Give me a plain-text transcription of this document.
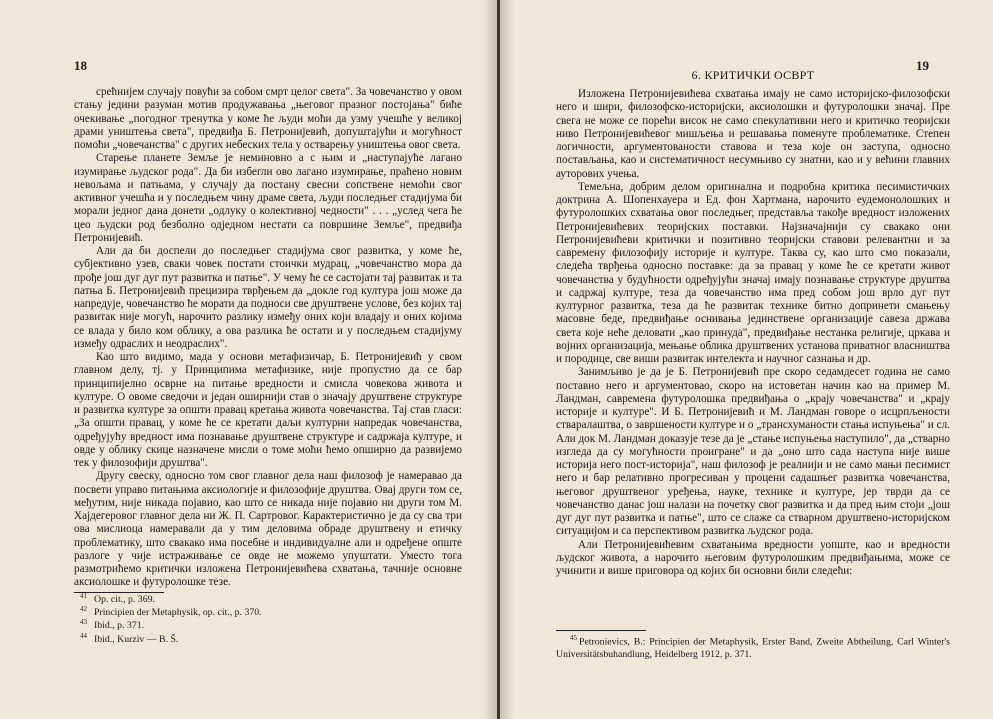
18

срећнијем случају повући за собом смрт целог света". За човечанство у овом стању једини разуман мотив продужавања „његовог празног постојања" биће очекивање „погодног тренутка у коме ће људи моћи да узму учешће у великој драми уништења света", предвиђа Б. Петронијевић, допуштајући и могућност помоћи „човечанства" с других небеских тела у остварењу уништења овог света.

Старење планете Земље је неминовно а с њим и „наступајуће лагано изумирање људског рода". Да би избегли ово лагано изумирање, праћено новим невољама и патњама, у случају да постану свесни сопствене немоћи свог активног учешћа и у последњем чину драме света, људи последњег стадијума би морали једног дана донети „одлуку о колективној чедности" . . . „услед чега ће цео људски род безболно одједном нестати са површине Земље", предвиђа Петронијевић.

Али да би доспели до последњег стадијума свог развитка, у коме ће, субјективно узев, сваки човек постати стоички мудрац, „човечанство мора да прође још дуг дуг пут развитка и патње". У чему ће се састојати тај развитак и та патња Б. Петронијевић прецизира тврђењем да „докле год култура још може да напредује, човечанство ће морати да подноси све друштвене услове, без којих тај развитак није могућ, нарочито разлику између оних који владају и оних којима се влада у било ком облику, а ова разлика ће остати и у последњем стадијуму између одраслих и неодраслих".

Као што видимо, мада у основи метафизичар, Б. Петронијевић у свом главном делу, тј. у Принципима метафизике, није пропустио да се бар принципијелно осврне на питање вредности и смисла човекова живота и културе. О овоме сведочи и један оширнији став о значају друштвене структуре и развитка културе за општи правац кретања живота човечанства. Тај став гласи: „За општи правац, у коме ће се кретати даљи културни напредак човечанства, одређујућу вредност има познавање друштвене структурe и садржаја културе, и овде у облику скице назначене мисли о томе моћи ћемо опширно да развијемо тек у филозофији друштва".

Другу свеску, односно том свог главног дела наш филозоф је намеравао да посвети управо питањима аксиологије и филозофије друштва. Овај други том се, међутим, није никада појавио, као што се никада није појавио ни други том М. Хајдегеровог главног дела ни Ж. П. Сартровог. Карактеристично је да су сва три ова мислиоца намеравали да у тим деловима обраде друштвену и етичку проблематику, што свакако има посебне и индивидуалне али и одређене опште разлоге у чије истраживање се овде не можемо упуштати. Уместо тога размотрићемо критички изложена Петронијевићева схватања, тачније основне аксиолошке и футуролошке тезе.

41 Op. cit., p. 369.
42 Principien der Metaphysik, op. cit., p. 370.
43 Ibid., p. 371.
44 Ibid., Kurziv — B. Š.
19
6. КРИТИЧКИ ОСВРТ

Изложена Петронијевићева схватања имају не само историјско-филозофски него и шири, филозофско-историјски, аксиолошки и футуролошки значај. Пре свега не може се порећи висок не само спекулативни него и критичко теоријски ниво Петронијевићевог мишљења и решавања поменуте проблематике. Степен логичности, аргументованости ставова и теза које он заступа, односно постављања, као и систематичност несумњиво су знатни, као и у већини главних ауторових учења.

Темељна, добрим делом оригинална и подробна критика песимистичких доктрина А. Шопенхауера и Ед. фон Хартмана, нарочито еудемонолошких и футуролошких схватања овог последњег, представља такође вредност изложених Петронијевићевих теоријских поставки. Најзначајнији су свакако они Петронијевићеви критички и позитивно теоријски ставови релевантни и за савремену филозофију историје и културе. Таква су, као што смо показали, следећа тврђења односно поставке: да за правац у коме ће се кретати живот човечанства у будућности одређујући значај имају познавање структуре друштва и садржај културе, теза да човечанство има пред собом још врло дуг пут културног развитка, теза да ће развитак технике битно допринети смањењу масовне беде, предвиђање оснивања јединствене организације савеза држава света које неће деловати „као принуда", предвиђање нестанка религије, цркава и војних организација, мењање облика друштвених установа приватног власништва и породице, све виши развитак интелекта и научног сазнања и др.

Занимљиво је да је Б. Петронијевић пре скоро седамдесет година не само поставио него и аргументовао, скоро на истоветан начин као на пример М. Ландман, савремена футуролошка предвиђања о „крају човечанства" и „крају историје и културе". И Б. Петронијевић и М. Ландман говоре о исцрпљености стваралаштва, о завршености културе и о „трансхуманости стања испуњења" и сл. Али док М. Ландман доказује тезе да је „стање испуњења наступило", да „стварно изгледа да су могућности проигране" и да „оно што сада наступа није више историја него пост-историја", наш филозоф је реалнији и не само мањи песимист него и бар релативно прогресиван у процени садашњег развитка човечанства, његовог друштвеног уређења, науке, технике и културе, јер тврди да се човечанство данас још налази на почетку свог развитка и да пред њим стоји „још дуг дуг пут развитка и патње", што се слаже са стварном друштвено-историјском ситуацијом и са перспективом развитка људског рода.

Али Петронијевићевим схватањима вредности уопште, као и вредности људског живота, а нарочито његовим футуролошким предвиђањима, може се учинити и више приговора од којих би основни били следећи:

$^{45}$ Petronievics, B.: Principien der Metaphysik, Erster Band, Zweite Abtheilung, Carl Winter's Universitätsbuhandlung, Heidelberg 1912, p. 371.
